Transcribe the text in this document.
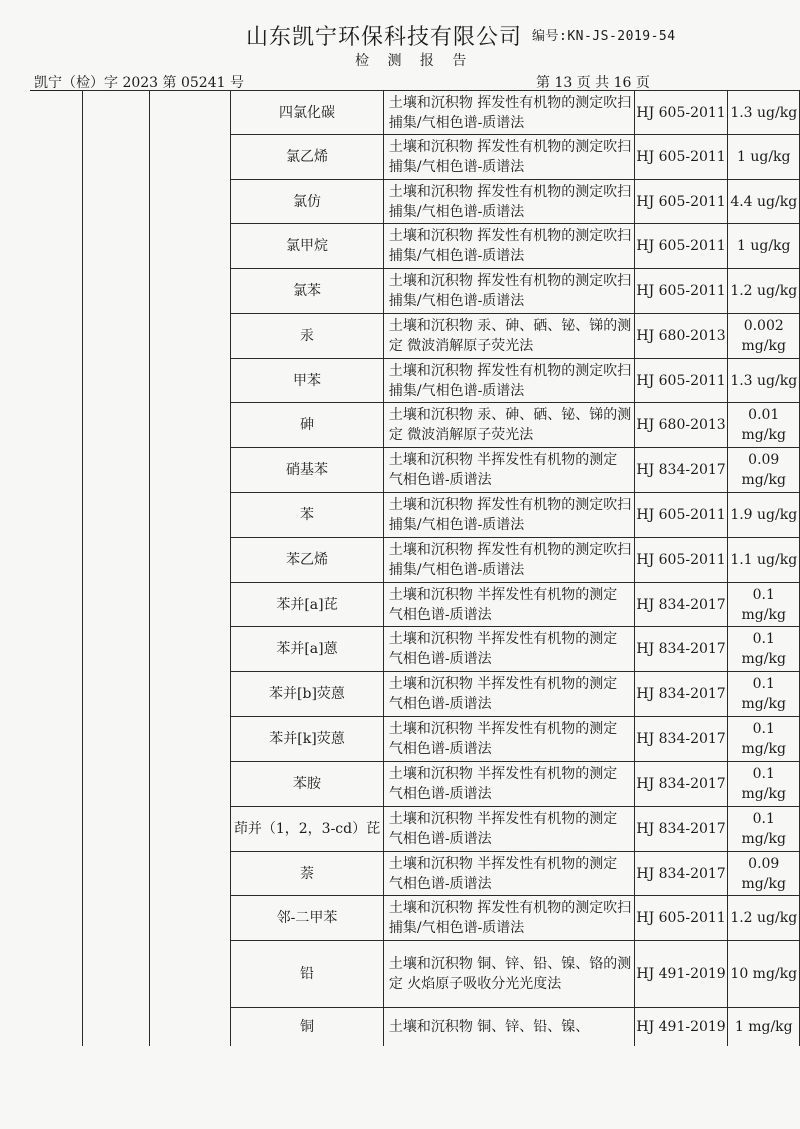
山东凯宁环保科技有限公司 编号:KN-JS-2019-54
检 测 报 告
凯宁（检）字 2023 第 05241 号	第 13 页 共 16 页
		四氯化碳	土壤和沉积物 挥发性有机物的测定吹扫捕集/气相色谱-质谱法	HJ 605-2011	1.3 ug/kg
		氯乙烯	土壤和沉积物 挥发性有机物的测定吹扫捕集/气相色谱-质谱法	HJ 605-2011	1 ug/kg
		氯仿	土壤和沉积物 挥发性有机物的测定吹扫捕集/气相色谱-质谱法	HJ 605-2011	4.4 ug/kg
		氯甲烷	土壤和沉积物 挥发性有机物的测定吹扫捕集/气相色谱-质谱法	HJ 605-2011	1 ug/kg
		氯苯	土壤和沉积物 挥发性有机物的测定吹扫捕集/气相色谱-质谱法	HJ 605-2011	1.2 ug/kg
		汞	土壤和沉积物 汞、砷、硒、铋、锑的测定 微波消解原子荧光法	HJ 680-2013	0.002 mg/kg
		甲苯	土壤和沉积物 挥发性有机物的测定吹扫捕集/气相色谱-质谱法	HJ 605-2011	1.3 ug/kg
		砷	土壤和沉积物 汞、砷、硒、铋、锑的测定 微波消解原子荧光法	HJ 680-2013	0.01 mg/kg
		硝基苯	土壤和沉积物 半挥发性有机物的测定 气相色谱-质谱法	HJ 834-2017	0.09 mg/kg
		苯	土壤和沉积物 挥发性有机物的测定吹扫捕集/气相色谱-质谱法	HJ 605-2011	1.9 ug/kg
		苯乙烯	土壤和沉积物 挥发性有机物的测定吹扫捕集/气相色谱-质谱法	HJ 605-2011	1.1 ug/kg
		苯并[a]芘	土壤和沉积物 半挥发性有机物的测定 气相色谱-质谱法	HJ 834-2017	0.1 mg/kg
		苯并[a]蒽	土壤和沉积物 半挥发性有机物的测定 气相色谱-质谱法	HJ 834-2017	0.1 mg/kg
		苯并[b]荧蒽	土壤和沉积物 半挥发性有机物的测定 气相色谱-质谱法	HJ 834-2017	0.1 mg/kg
		苯并[k]荧蒽	土壤和沉积物 半挥发性有机物的测定 气相色谱-质谱法	HJ 834-2017	0.1 mg/kg
		苯胺	土壤和沉积物 半挥发性有机物的测定 气相色谱-质谱法	HJ 834-2017	0.1 mg/kg
		茚并（1，2，3-cd）芘	土壤和沉积物 半挥发性有机物的测定 气相色谱-质谱法	HJ 834-2017	0.1 mg/kg
		萘	土壤和沉积物 半挥发性有机物的测定 气相色谱-质谱法	HJ 834-2017	0.09 mg/kg
		邻-二甲苯	土壤和沉积物 挥发性有机物的测定吹扫捕集/气相色谱-质谱法	HJ 605-2011	1.2 ug/kg
		铅	土壤和沉积物 铜、锌、铅、镍、铬的测定 火焰原子吸收分光光度法	HJ 491-2019	10 mg/kg
		铜	土壤和沉积物 铜、锌、铅、镍、	HJ 491-2019	1 mg/kg
